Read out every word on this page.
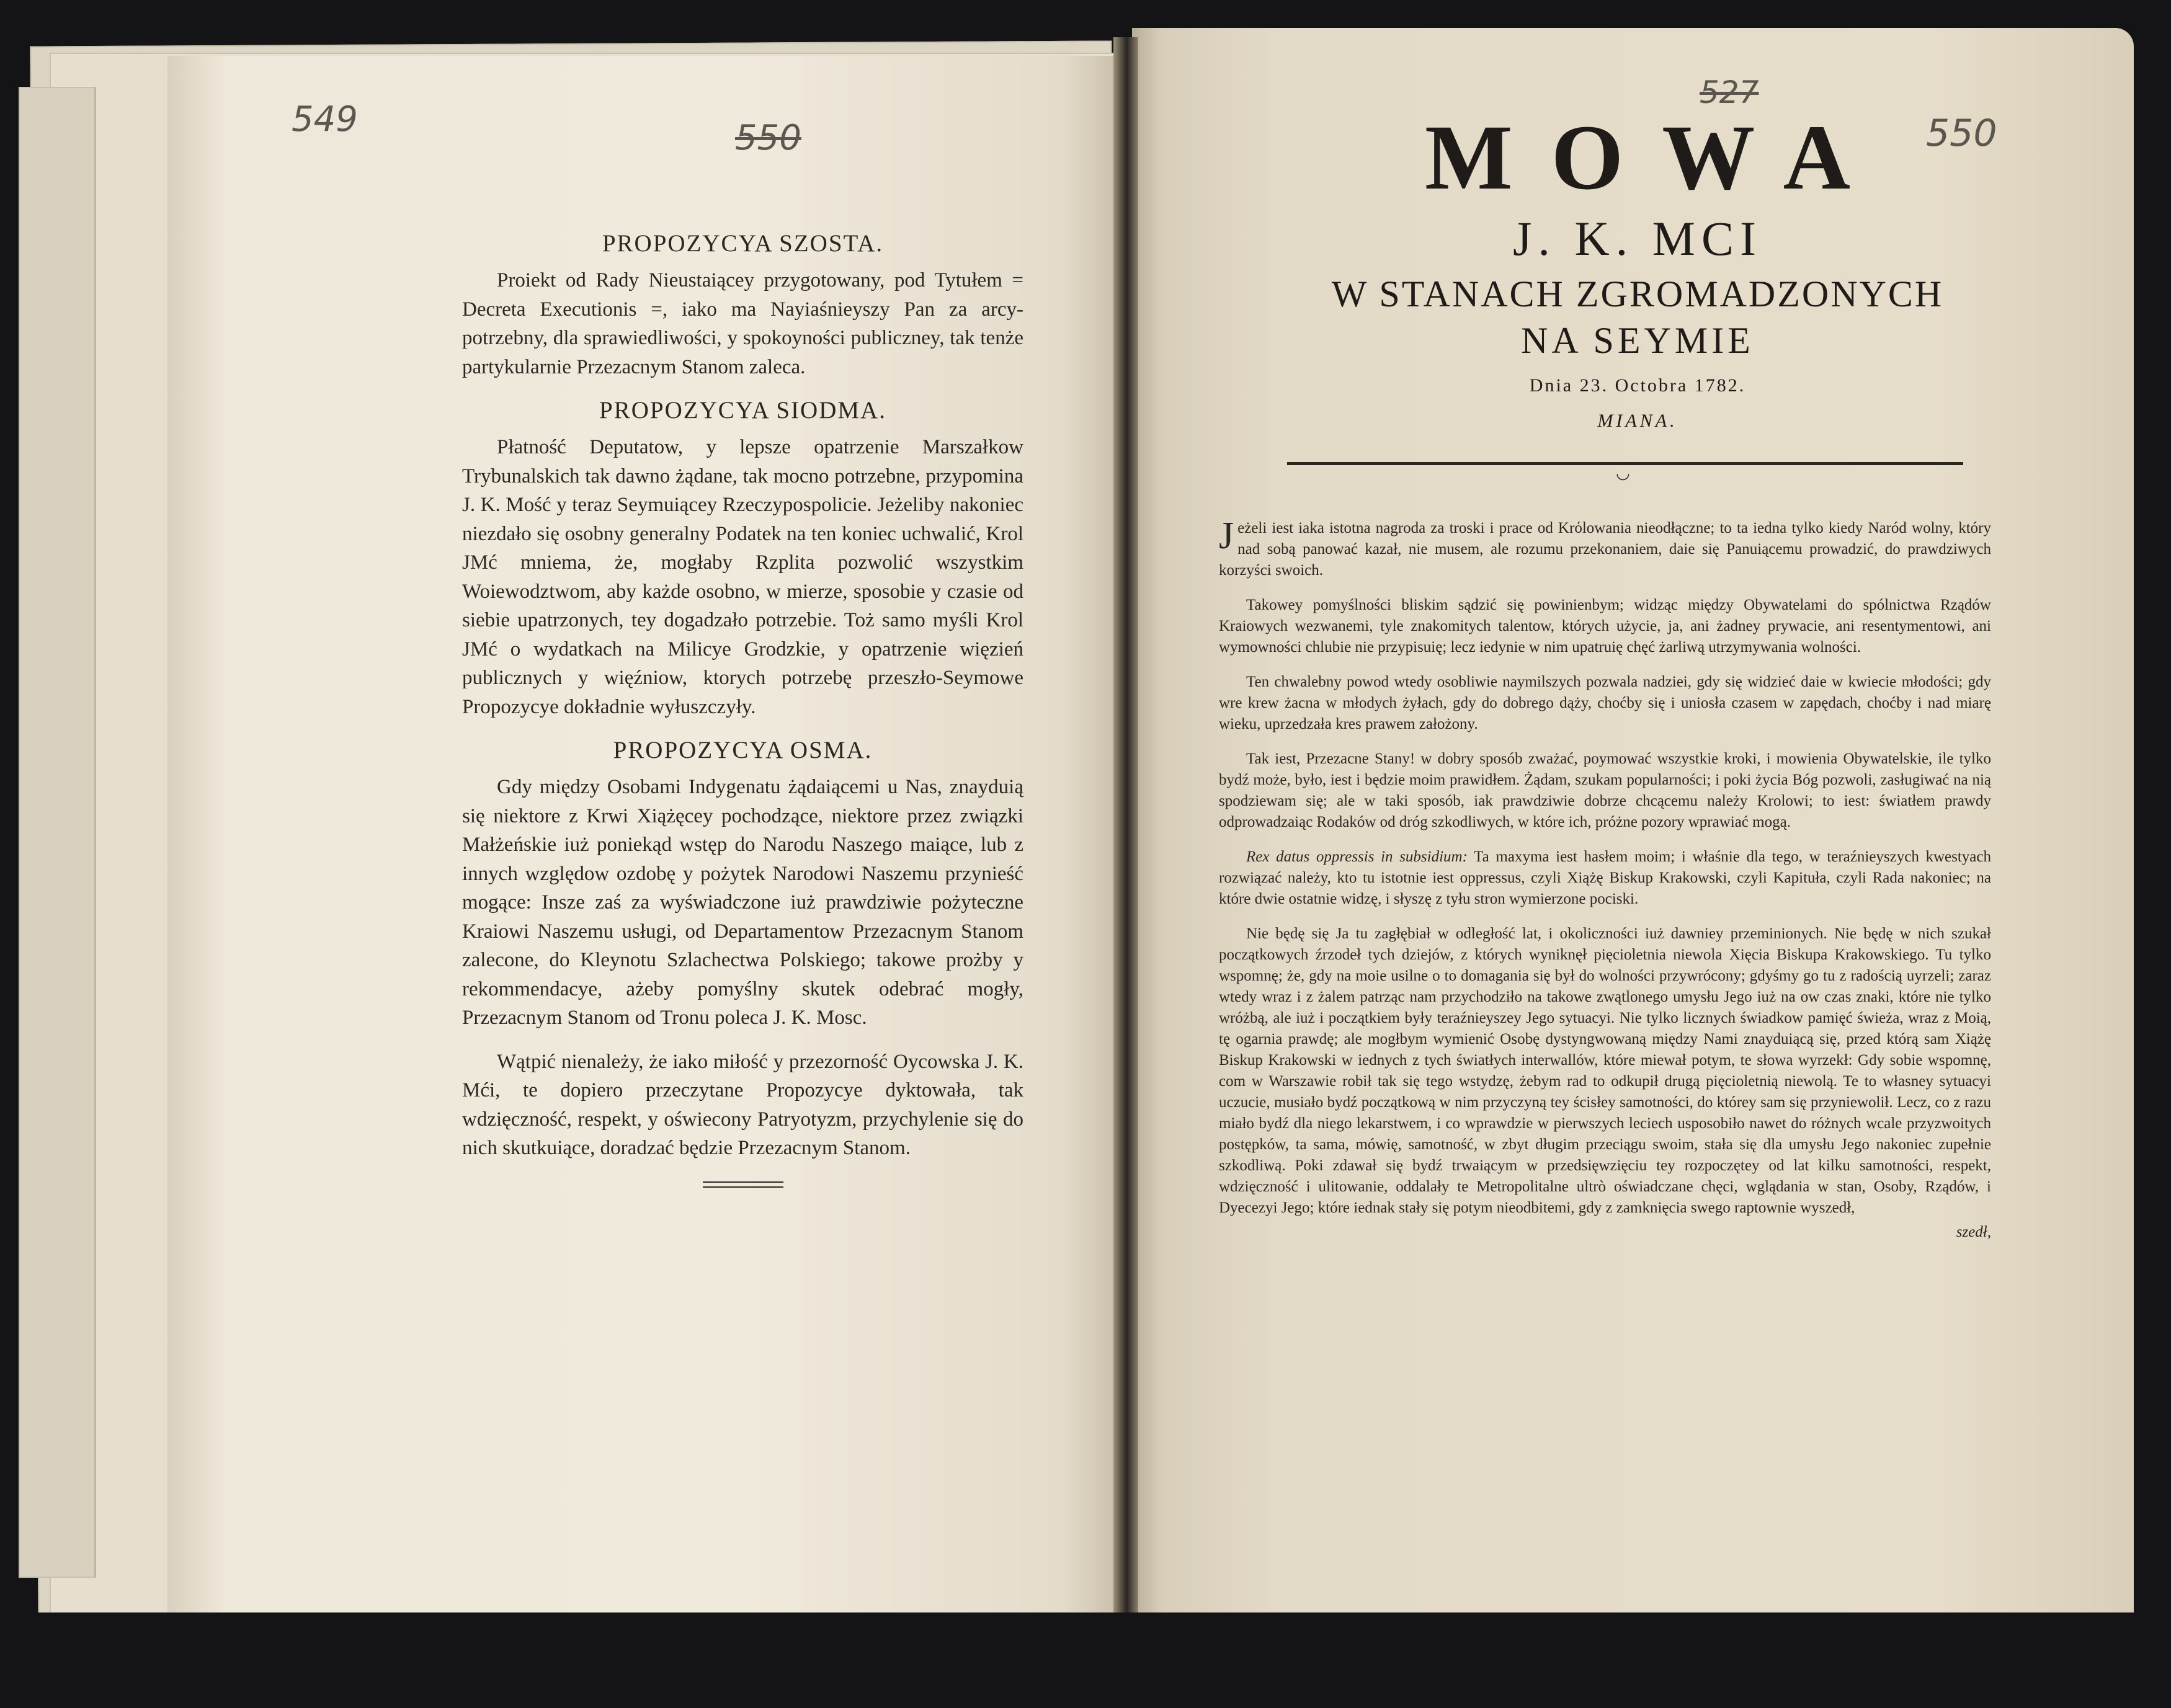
549	550
527
550
PROPOZYCYA SZOSTA.

Proiekt od Rady Nieustaiącey przygotowany, pod Tytułem = Decreta Executionis =, iako ma Nayiaśnieyszy Pan za arcy-potrzebny, dla sprawiedliwości, y spokoyności publiczney, tak tenże partykularnie Przezacnym Stanom zaleca.

PROPOZYCYA SIODMA.

Płatność Deputatow, y lepsze opatrzenie Marszałkow Trybunalskich tak dawno żądane, tak mocno potrzebne, przypomina J. K. Mość y teraz Seymuiącey Rzeczypospolicie. Jeżeliby nakoniec niezdało się osobny generalny Podatek na ten koniec uchwalić, Krol JMć mniema, że, mogłaby Rzplita pozwolić wszystkim Woiewodztwom, aby każde osobno, w mierze, sposobie y czasie od siebie upatrzonych, tey dogadzało potrzebie. Toż samo myśli Krol JMć o wydatkach na Milicye Grodzkie, y opatrzenie więzień publicznych y więźniow, ktorych potrzebę przeszło-Seymowe Propozycye dokładnie wyłuszczyły.

PROPOZYCYA OSMA.

Gdy między Osobami Indygenatu żądaiącemi u Nas, znayduią się niektore z Krwi Xiążęcey pochodzące, niektore przez związki Małżeńskie iuż poniekąd wstęp do Narodu Naszego maiące, lub z innych względow ozdobę y pożytek Narodowi Naszemu przynieść mogące: Insze zaś za wyświadczone iuż prawdziwie pożyteczne Kraiowi Naszemu usługi, od Departamentow Przezacnym Stanom zalecone, do Kleynotu Szlachectwa Polskiego; takowe prożby y rekommendacye, ażeby pomyślny skutek odebrać mogły, Przezacnym Stanom od Tronu poleca J. K. Mosc.

Wątpić nienależy, że iako miłość y przezorność Oycowska J. K. Mći, te dopiero przeczytane Propozycye dyktowała, tak wdzięczność, respekt, y oświecony Patryotyzm, przychylenie się do nich skutkuiące, doradzać będzie Przezacnym Stanom.

MOWA
J. K. MCI
W STANACH ZGROMADZONYCH
NA SEYMIE
Dnia 23. Octobra 1782.
MIANA.
◡

Jeżeli iest iaka istotna nagroda za troski i prace od Krόlowania nieodłączne; to ta iedna tylko kiedy Naród wolny, który nad sobą panować kazał, nie musem, ale rozumu przekonaniem, daie się Panuiącemu prowadzić, do prawdziwych korzyści swoich.

Takowey pomyślności bliskim sądzić się powinienbym; widząc między Obywatelami do spólnictwa Rządów Kraiowych wezwanemi, tyle znakomitych talentow, których użycie, ja, ani żadney prywacie, ani resentymentowi, ani wymowności chlubie nie przypisuię; lecz iedynie w nim upatruię chęć żarliwą utrzymywania wolności.

Ten chwalebny powod wtedy osobliwie naymilszych pozwala nadziei, gdy się widzieć daie w kwiecie młodości; gdy wre krew żacna w młodych żyłach, gdy do dobrego dąży, choćby się i uniosła czasem w zapędach, choćby i nad miarę wieku, uprzedzała kres prawem założony.

Tak iest, Przezacne Stany! w dobry sposób zważać, poymować wszystkie kroki, i mowienia Obywatelskie, ile tylko bydź może, było, iest i będzie moim prawidłem. Żądam, szukam popularności; i poki życia Bóg pozwoli, zasługiwać na nią spodziewam się; ale w taki sposób, iak prawdziwie dobrze chcącemu należy Krolowi; to iest: światłem prawdy odprowadzaiąc Rodaków od dróg szkodliwych, w które ich, próżne pozory wprawiać mogą.

Rex datus oppressis in subsidium: Ta maxyma iest hasłem moim; i właśnie dla tego, w teraźnieyszych kwestyach rozwiązać należy, kto tu istotnie iest oppressus, czyli Xiążę Biskup Krakowski, czyli Kapituła, czyli Rada nakoniec; na które dwie ostatnie widzę, i słyszę z tyłu stron wymierzone pociski.

Nie będę się Ja tu zagłębiał w odległość lat, i okoliczności iuż dawniey przeminionych. Nie będę w nich szukał początkowych źrzodeł tych dziejów, z których wyniknęł pięcioletnia niewola Xięcia Biskupa Krakowskiego. Tu tylko wspomnę; że, gdy na moie usilne o to domagania się był do wolności przywrócony; gdyśmy go tu z radością uyrzeli; zaraz wtedy wraz i z żalem patrząc nam przychodziło na takowe zwątlonego umysłu Jego iuż na ow czas znaki, które nie tylko wróżbą, ale iuż i początkiem były teraźnieyszey Jego sytuacyi. Nie tylko licznych świadkow pamięć świeża, wraz z Moią, tę ogarnia prawdę; ale mogłbym wymienić Osobę dystyngwowaną między Nami znayduiącą się, przed którą sam Xiążę Biskup Krakowski w iednych z tych światłych interwallów, które miewał potym, te słowa wyrzekł: Gdy sobie wspomnę, com w Warszawie robił tak się tego wstydzę, żebym rad to odkupił drugą pięcioletnią niewolą. Te to własney sytuacyi uczucie, musiało bydź początkową w nim przyczyną tey ścisłey samotności, do którey sam się przyniewolił. Lecz, co z razu miało bydź dla niego lekarstwem, i co wprawdzie w pierwszych leciech usposobiło nawet do różnych wcale przyzwoitych postępków, ta sama, mówię, samotność, w zbyt długim przeciągu swoim, stała się dla umysłu Jego nakoniec zupełnie szkodliwą. Poki zdawał się bydź trwaiącym w przedsięwzięciu tey rozpoczętey od lat kilku samotności, respekt, wdzięczność i ulitowanie, oddalały te Metropolitalne ultrò oświadczane chęci, wglądania w stan, Osoby, Rządów, i Dyecezyi Jego; które iednak stały się potym nieodbitemi, gdy z zamknięcia swego raptownie wyszedł,

szedł,
